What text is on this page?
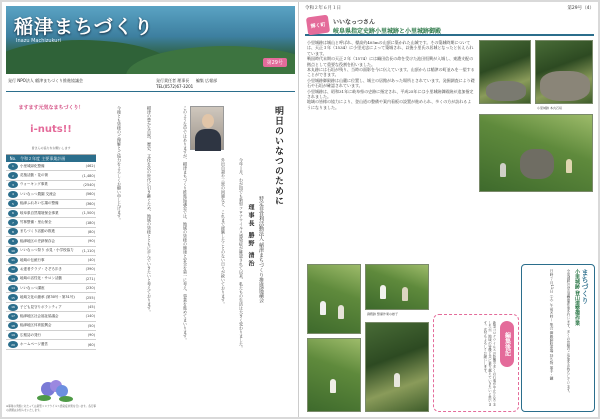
稲津まちづくり
Inazu Machizukuri
第29号
発行 NPO法人 稲津まちづくり推進協議会	発行責任者 理事長 　 編集 広報部
TEL(0572)67-3201
ますます元気なまちづくり！
i-nuts!!
皆さんの協力をお願いします
No. 令和２年度 主要事業計画
1	小里城緑化整備	(462)
2	花植活動・花の街	(1,480)
3	ウォーキング事業	(2540)
4	いいなっつ農園 交流会	(560)
5	稲津ふれあい広場の整備	(360)
6	岐阜県自然環境保全事業	(1,500)
7	竹林整備・里山保全	(180)
8	まちづくり活動の推進	(80)
9	稲津地区の史跡保存会	(90)
10	いいなっつ祭り 水見・小学校協力	(1,110)
11	地域の伝統行事	(40)
12	お達者クラブ・そぞろ歩き	(390)
13	地域の活性化・サロン活動	(271)
14	いいなっつ講座	(230)
15	地域文化の継承 (第30号・第31号)	(255)
16	子ども見守りボランティア	(45)
17	稲津地区社会福祉協議会	(140)
18	稲津地区体育振興会	(50)
19	広報誌の発行	(90)
20	ホームページ運営	(60)
※事業の実施にあたっては新型コロナウイルス感染症対策を行います。各行事の詳細はお知らせいたします。
明日のいなつのために
特定非営利活動法人 稲津まちづくり推進協議会
理事長 勝野 清治
今年１月、わが国でも新型コロナウイルス感染症が確認されて以来、私たちの生活は大きく変わりました。
外出自粛や三密の回避など、これまで経験したことのない日々が続いております。
このような中ではありますが、稲津まちづくり推進協議会では、地域の皆様の健康と安全を第一に考え、事業を進めてまいります。
稲津の豊かな自然、歴史、文化を次の世代に引き継ぐため、地域の皆様とともに歩んでいきたいと考えております。
今後とも皆様のご理解とご協力をよろしくお願い申し上げます。
令和２年６月１日	第29号（4）
輝く町	いいなっつさん
岐阜県指定史跡小里城跡と小里城跡御殿

小里城跡は城山と呼ばれ、標高約405mの山頂に築かれた山城です。その築城時期については、天正３年（1534）に小里光忠によって築城され、以後小里氏の居城となったと伝えられています。

戦国時代末期の天正２年（1574）には織田信長の命を受けた池田恒興が入城し、東濃支配の拠点として重要な役割を担いました。

本丸跡には石垣が残り、当時の面影を今に伝えています。山頂からは稲津の町並みを一望することができます。

小里城跡御殿跡は山麓に位置し、城主の居館があった場所とされています。発掘調査により礎石や石垣が確認されています。

小里城跡は、昭和31年に岐阜県の史跡に指定され、平成25年には小里城跡御殿跡が追加指定されました。

地域の皆様の協力により、登山道の整備や案内看板の設置が進められ、多くの方が訪れるようになりました。	小里城跡 本丸石垣
御殿跡 整備作業の様子
編集後記
新型コロナウイルスの影響で多くの行事が中止となりましたが、地域の皆様と共に乗り越えていきたいと思います。次号もよろしくお願いします。
まちづくり
小里城跡 登山道整備作業
小里城跡の登山道整備作業を行います。多くの皆様のご参加をお待ちしています。
日時 ７月11日（土）午前８時～ 集合 御殿跡駐車場 持ち物 軍手・鎌
